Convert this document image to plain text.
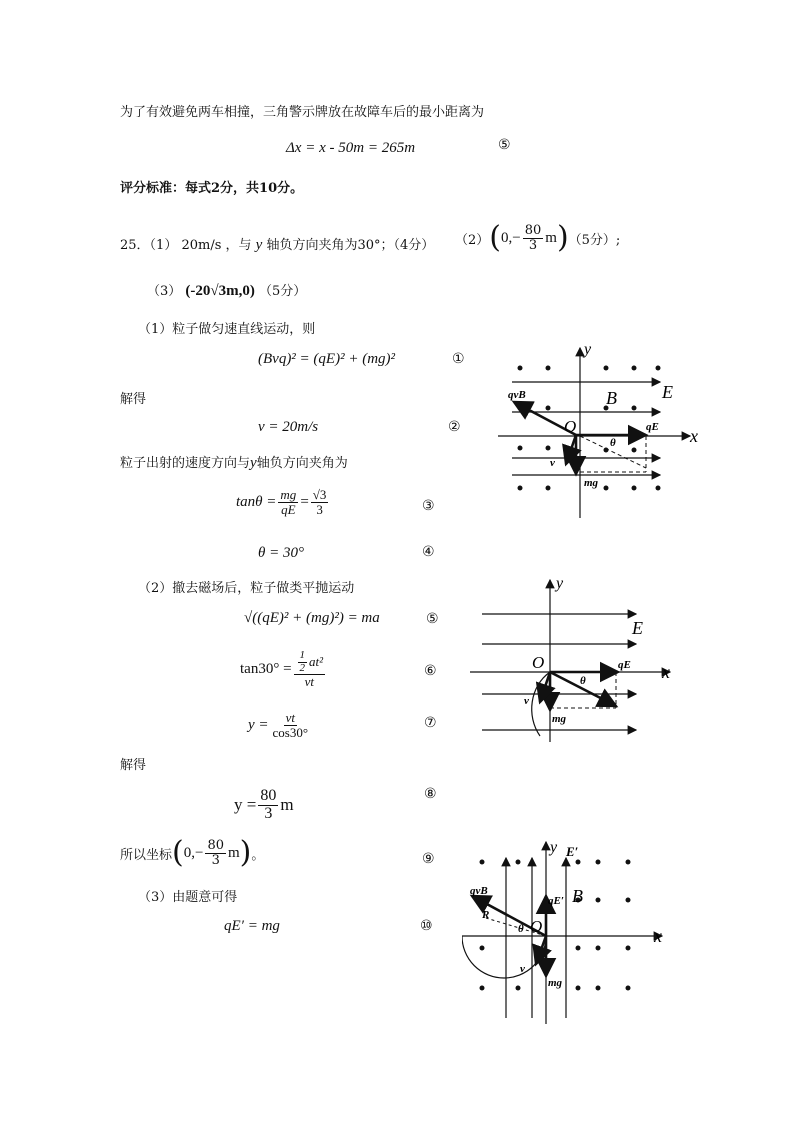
为了有效避免两车相撞，三角警示牌放在故障车后的最小距离为
Δx = x - 50m = 265m	⑤
评分标准：每式2分，共10分。
25．（1） 20m/s ，与 y 轴负方向夹角为30°；（4分） （2） ( $0,- \frac{80}{3}$ m ) （5分）;
（3） (-20√3m,0) （5分）
（1）粒子做匀速直线运动，则
(Bvq)² = (qE)² + (mg)²	①
解得
v = 20m/s	②
粒子出射的速度方向与y轴负方向夹角为
$\tan\theta = \frac{mg}{qE} = \frac{√3}{3}$	③
θ = 30°	④
（2）撤去磁场后，粒子做类平抛运动
√((qE)² + (mg)²) = ma	⑤
$\tan 30^\circ = \frac{\frac{1}{2} at^2}{vt}$	⑥
$y = \frac{vt}{\cos 30^\circ}$	⑦
解得
⑧
$y = \frac{80}{3}$ m
所以坐标 ( $0,- \frac{80}{3}$ m ) 。	⑨
（3）由题意可得
qE′ = mg	⑩
y
x
B	E
O
qvB
qE
v
mg
θ
y
x
E
O	qE
v
mg
θ
y
x
E′
B
O
qvB
qE′
R
v
mg
θ
